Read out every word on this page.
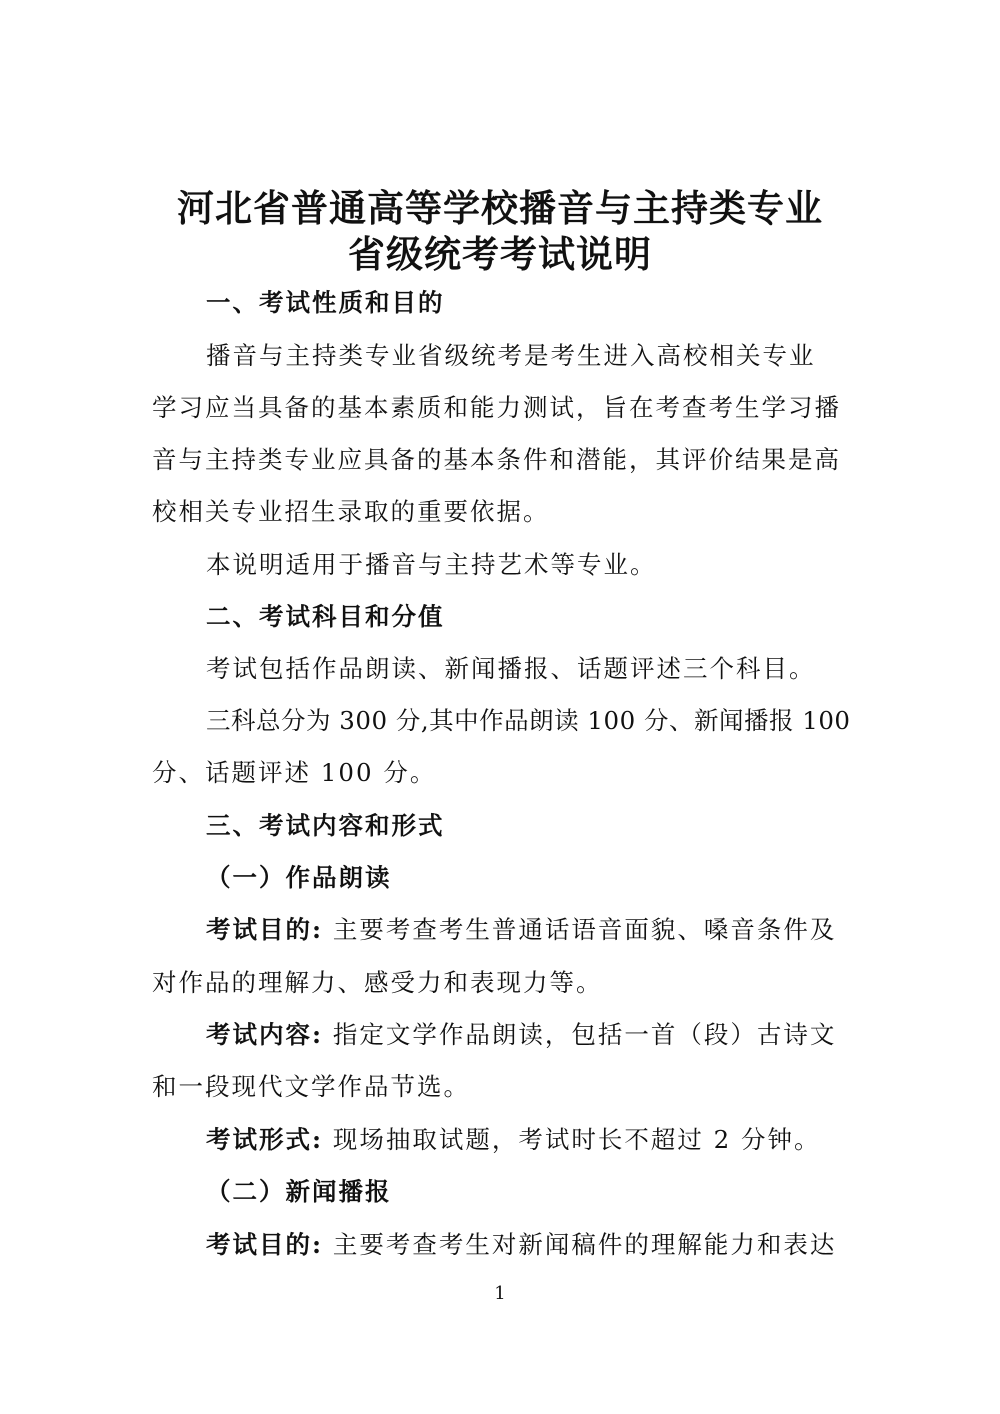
河北省普通高等学校播音与主持类专业
省级统考考试说明
一、考试性质和目的
播音与主持类专业省级统考是考生进入高校相关专业
学习应当具备的基本素质和能力测试，旨在考查考生学习播
音与主持类专业应具备的基本条件和潜能，其评价结果是高
校相关专业招生录取的重要依据。
本说明适用于播音与主持艺术等专业。
二、考试科目和分值
考试包括作品朗读、新闻播报、话题评述三个科目。
三科总分为 300 分,其中作品朗读 100 分、新闻播报 100
分、话题评述 100 分。
三、考试内容和形式
（一）作品朗读
考试目的: 主要考查考生普通话语音面貌、嗓音条件及
对作品的理解力、感受力和表现力等。
考试内容: 指定文学作品朗读，包括一首（段）古诗文
和一段现代文学作品节选。
考试形式: 现场抽取试题，考试时长不超过 2 分钟。
（二）新闻播报
考试目的: 主要考查考生对新闻稿件的理解能力和表达
1
